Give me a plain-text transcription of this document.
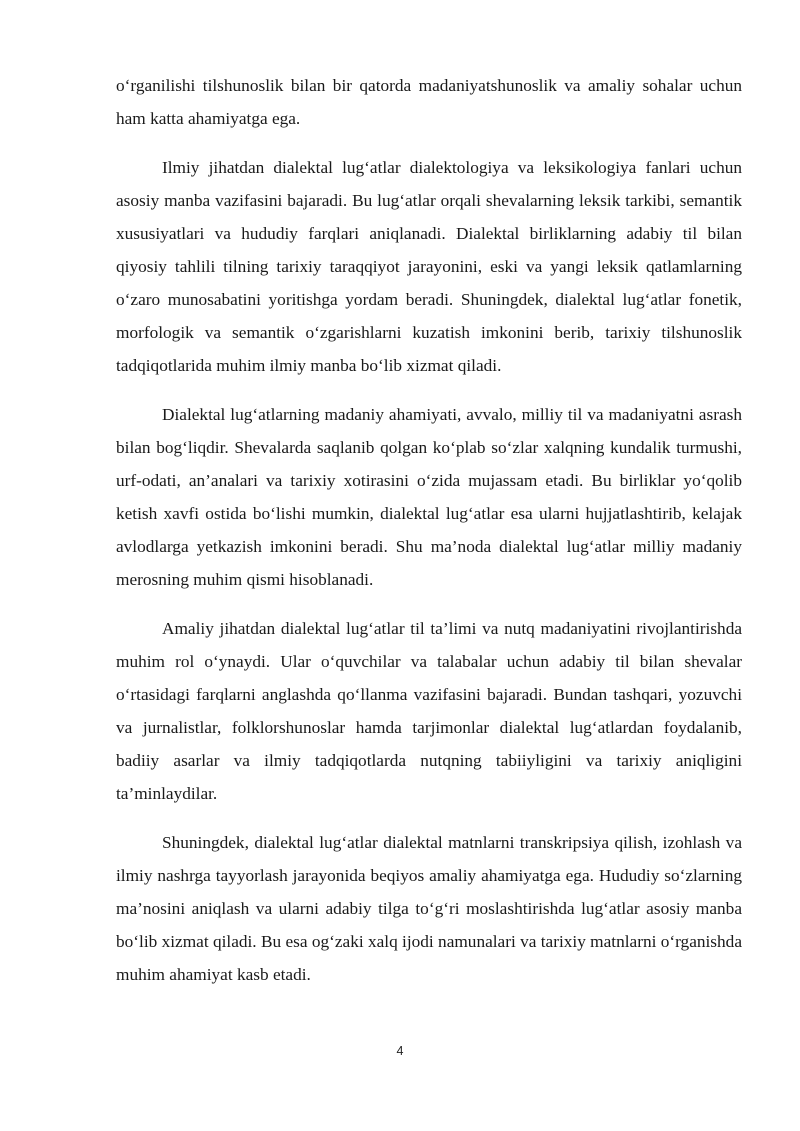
o‘rganilishi tilshunoslik bilan bir qatorda madaniyatshunoslik va amaliy sohalar uchun ham katta ahamiyatga ega.

Ilmiy jihatdan dialektal lug‘atlar dialektologiya va leksikologiya fanlari uchun asosiy manba vazifasini bajaradi. Bu lug‘atlar orqali shevalarning leksik tarkibi, semantik xususiyatlari va hududiy farqlari aniqlanadi. Dialektal birliklarning adabiy til bilan qiyosiy tahlili tilning tarixiy taraqqiyot jarayonini, eski va yangi leksik qatlamlarning o‘zaro munosabatini yoritishga yordam beradi. Shuningdek, dialektal lug‘atlar fonetik, morfologik va semantik o‘zgarishlarni kuzatish imkonini berib, tarixiy tilshunoslik tadqiqotlarida muhim ilmiy manba bo‘lib xizmat qiladi.

Dialektal lug‘atlarning madaniy ahamiyati, avvalo, milliy til va madaniyatni asrash bilan bog‘liqdir. Shevalarda saqlanib qolgan ko‘plab so‘zlar xalqning kundalik turmushi, urf-odati, an’analari va tarixiy xotirasini o‘zida mujassam etadi. Bu birliklar yo‘qolib ketish xavfi ostida bo‘lishi mumkin, dialektal lug‘atlar esa ularni hujjatlashtirib, kelajak avlodlarga yetkazish imkonini beradi. Shu ma’noda dialektal lug‘atlar milliy madaniy merosning muhim qismi hisoblanadi.

Amaliy jihatdan dialektal lug‘atlar til ta’limi va nutq madaniyatini rivojlantirishda muhim rol o‘ynaydi. Ular o‘quvchilar va talabalar uchun adabiy til bilan shevalar o‘rtasidagi farqlarni anglashda qo‘llanma vazifasini bajaradi. Bundan tashqari, yozuvchi va jurnalistlar, folklorshunoslar hamda tarjimonlar dialektal lug‘atlardan foydalanib, badiiy asarlar va ilmiy tadqiqotlarda nutqning tabiiyligini va tarixiy aniqligini ta’minlaydilar.

Shuningdek, dialektal lug‘atlar dialektal matnlarni transkripsiya qilish, izohlash va ilmiy nashrga tayyorlash jarayonida beqiyos amaliy ahamiyatga ega. Hududiy so‘zlarning ma’nosini aniqlash va ularni adabiy tilga to‘g‘ri moslashtirishda lug‘atlar asosiy manba bo‘lib xizmat qiladi. Bu esa og‘zaki xalq ijodi namunalari va tarixiy matnlarni o‘rganishda muhim ahamiyat kasb etadi.

4
